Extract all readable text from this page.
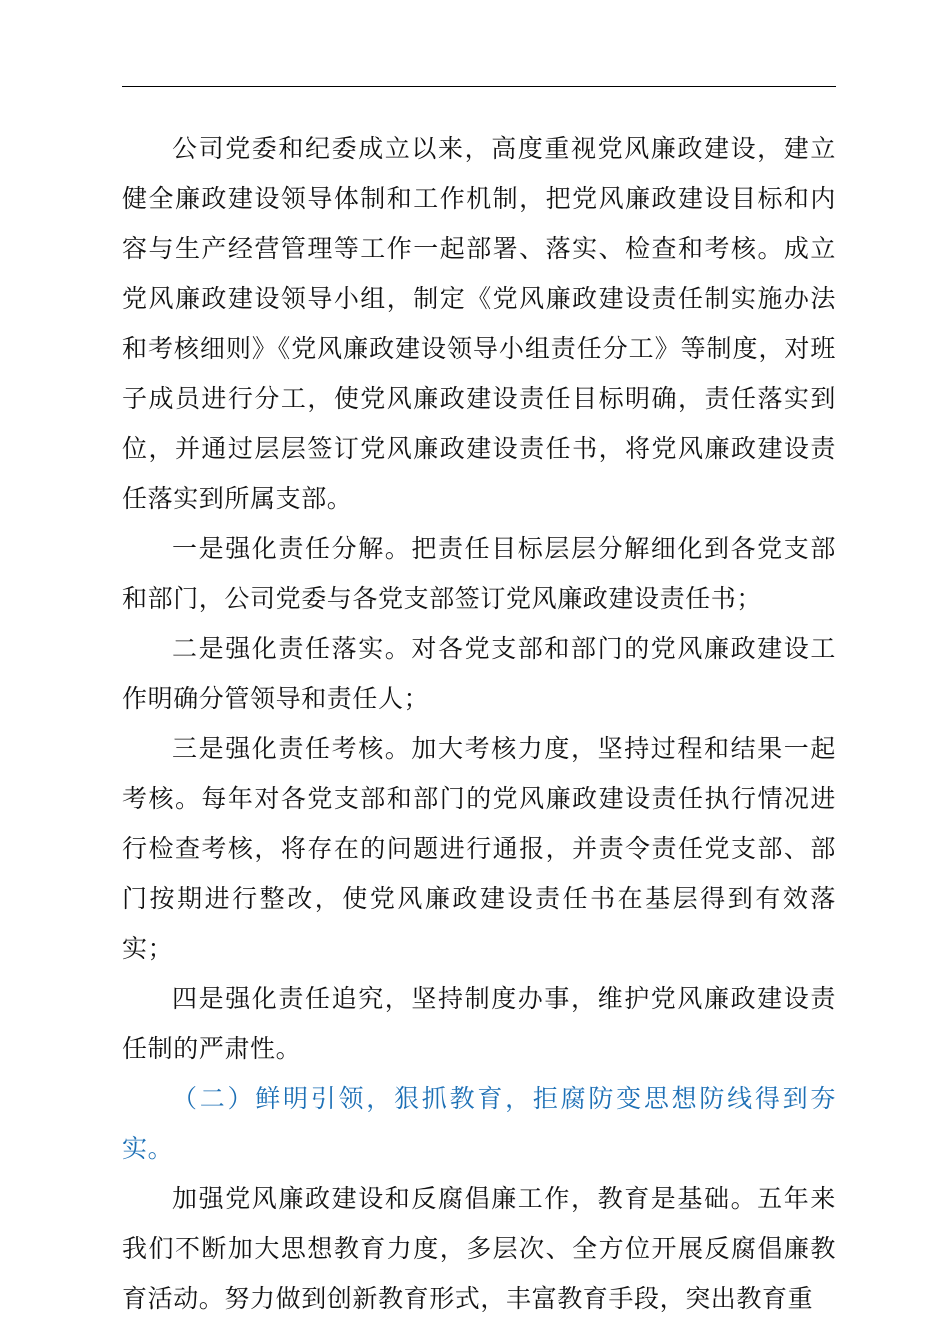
公司党委和纪委成立以来，高度重视党风廉政建设，建立健全廉政建设领导体制和工作机制，把党风廉政建设目标和内容与生产经营管理等工作一起部署、落实、检查和考核。成立党风廉政建设领导小组，制定《党风廉政建设责任制实施办法和考核细则》《党风廉政建设领导小组责任分工》等制度，对班子成员进行分工，使党风廉政建设责任目标明确，责任落实到位，并通过层层签订党风廉政建设责任书，将党风廉政建设责任落实到所属支部。

一是强化责任分解。把责任目标层层分解细化到各党支部和部门，公司党委与各党支部签订党风廉政建设责任书；

二是强化责任落实。对各党支部和部门的党风廉政建设工作明确分管领导和责任人；

三是强化责任考核。加大考核力度，坚持过程和结果一起考核。每年对各党支部和部门的党风廉政建设责任执行情况进行检查考核，将存在的问题进行通报，并责令责任党支部、部门按期进行整改，使党风廉政建设责任书在基层得到有效落实；

四是强化责任追究，坚持制度办事，维护党风廉政建设责任制的严肃性。

（二）鲜明引领，狠抓教育，拒腐防变思想防线得到夯实。

加强党风廉政建设和反腐倡廉工作，教育是基础。五年来我们不断加大思想教育力度，多层次、全方位开展反腐倡廉教育活动。努力做到创新教育形式，丰富教育手段，突出教育重
